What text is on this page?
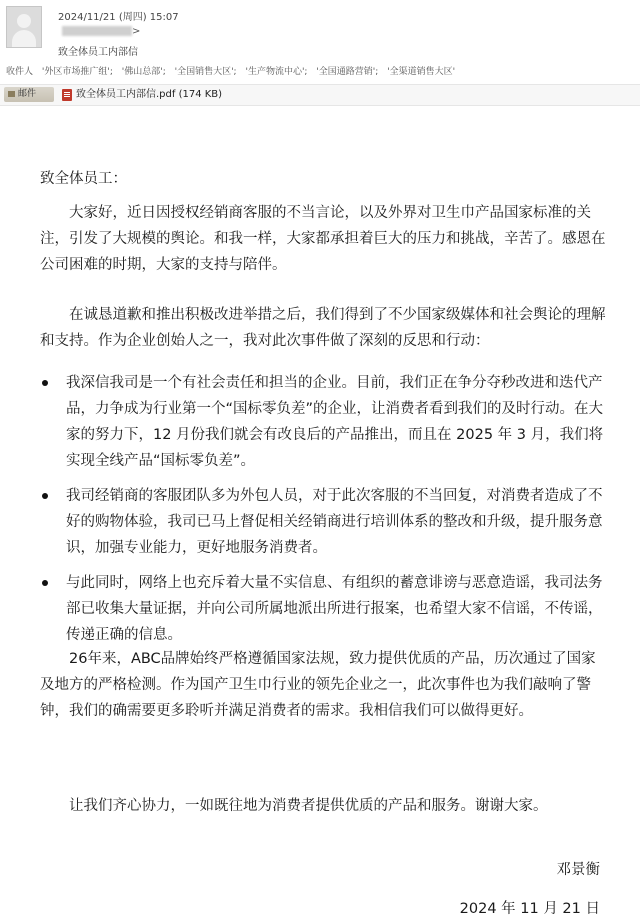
2024/11/21 (周四) 15:07
>
致全体员工内部信
收件人 '外区市场推广组'; '佛山总部'; '全国销售大区'; '生产物流中心'; '全国通路营销'; '全渠道销售大区'
邮件	致全体员工内部信.pdf (174 KB)
致全体员工：
大家好，近日因授权经销商客服的不当言论，以及外界对卫生巾产品国家标准的关注，引发了大规模的舆论。和我一样，大家都承担着巨大的压力和挑战，辛苦了。感恩在公司困难的时期，大家的支持与陪伴。
在诚恳道歉和推出积极改进举措之后，我们得到了不少国家级媒体和社会舆论的理解和支持。作为企业创始人之一，我对此次事件做了深刻的反思和行动：
我深信我司是一个有社会责任和担当的企业。目前，我们正在争分夺秒改进和迭代产品，力争成为行业第一个“国标零负差”的企业，让消费者看到我们的及时行动。在大家的努力下，12 月份我们就会有改良后的产品推出，而且在 2025 年 3 月，我们将实现全线产品“国标零负差”。
我司经销商的客服团队多为外包人员，对于此次客服的不当回复，对消费者造成了不好的购物体验，我司已马上督促相关经销商进行培训体系的整改和升级，提升服务意识，加强专业能力，更好地服务消费者。
与此同时，网络上也充斥着大量不实信息、有组织的蓄意诽谤与恶意造谣，我司法务部已收集大量证据，并向公司所属地派出所进行报案，也希望大家不信谣，不传谣，传递正确的信息。
26年来，ABC品牌始终严格遵循国家法规，致力提供优质的产品，历次通过了国家及地方的严格检测。作为国产卫生巾行业的领先企业之一，此次事件也为我们敲响了警钟，我们的确需要更多聆听并满足消费者的需求。我相信我们可以做得更好。
让我们齐心协力，一如既往地为消费者提供优质的产品和服务。谢谢大家。
邓景衡
2024 年 11 月 21 日
